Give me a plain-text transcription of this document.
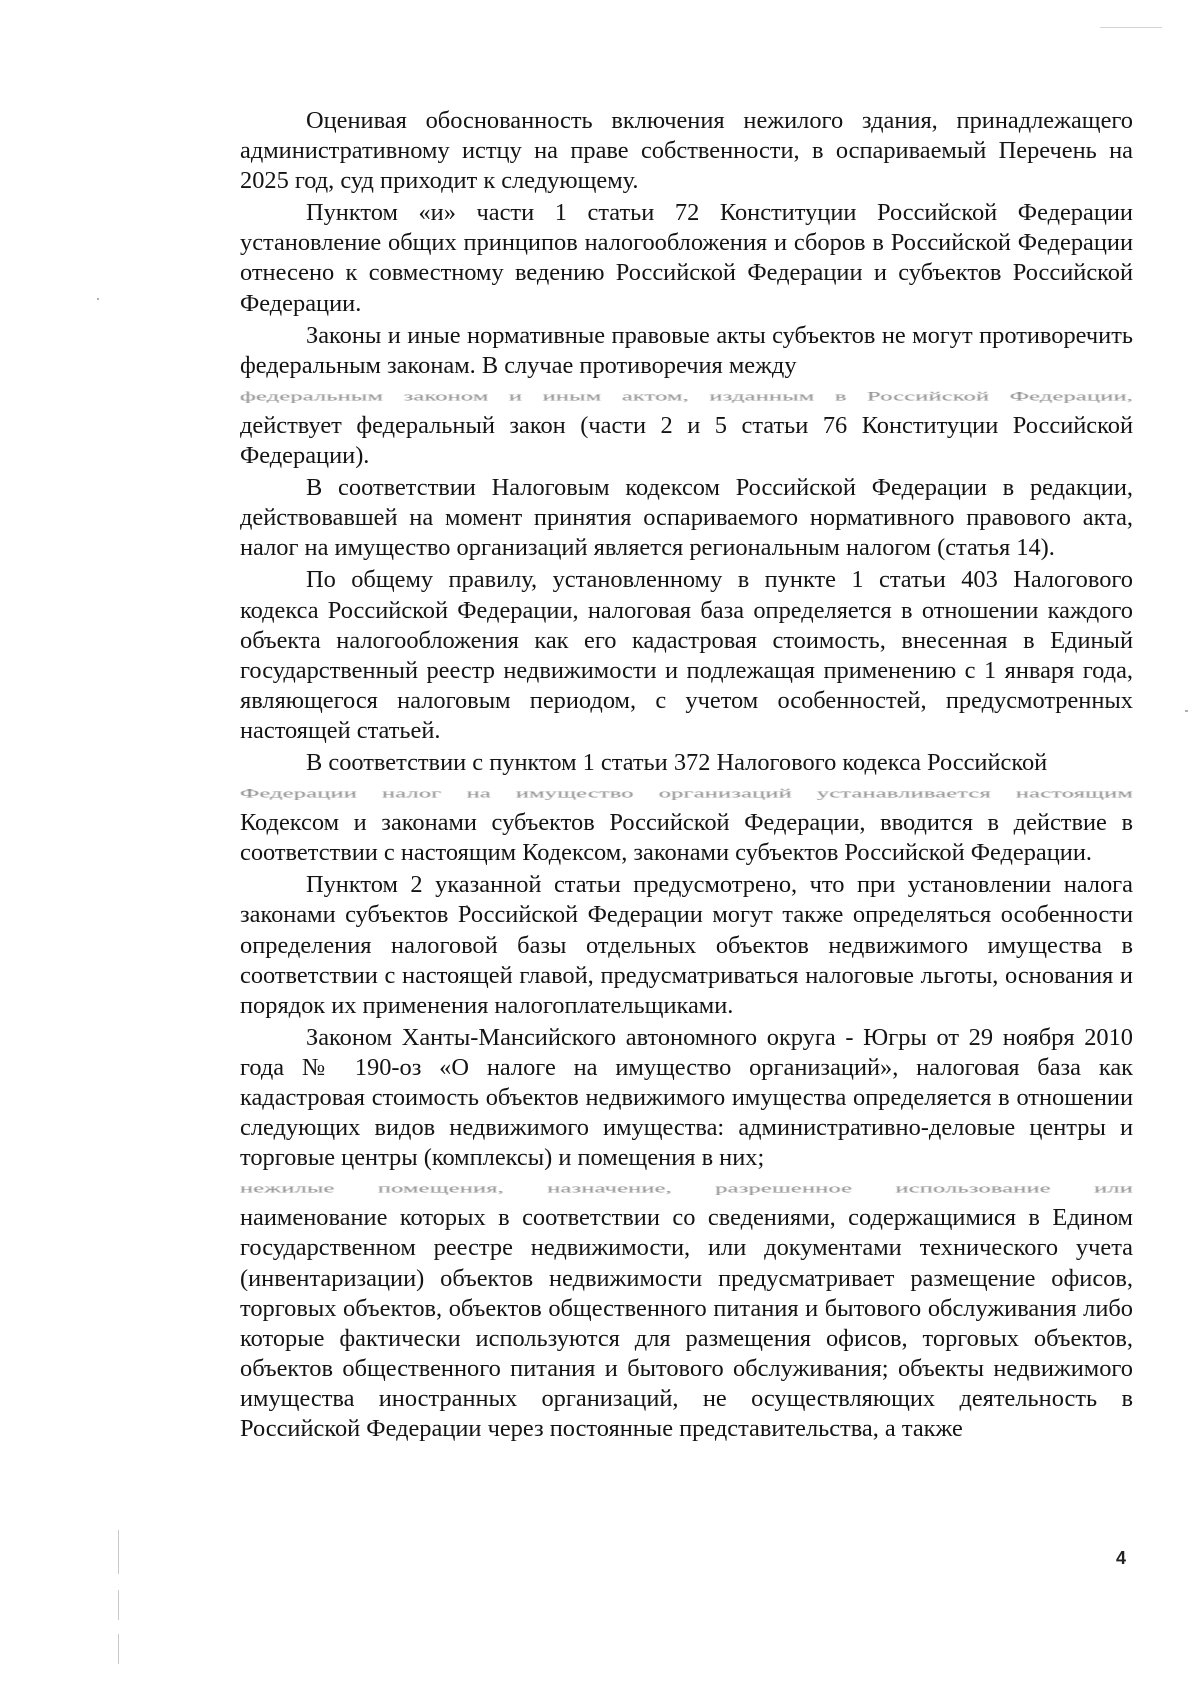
Оценивая обоснованность включения нежилого здания, принадлежащего административному истцу на праве собственности, в оспариваемый Перечень на 2025 год, суд приходит к следующему.

Пунктом «и» части 1 статьи 72 Конституции Российской Федерации установление общих принципов налогообложения и сборов в Российской Федерации отнесено к совместному ведению Российской Федерации и субъектов Российской Федерации.

Законы и иные нормативные правовые акты субъектов не могут противоречить федеральным законам. В случае противоречия между
федеральным законом и иным актом, изданным в Российской Федерации,
действует федеральный закон (части 2 и 5 статьи 76 Конституции Российской Федерации).

В соответствии Налоговым кодексом Российской Федерации в редакции, действовавшей на момент принятия оспариваемого нормативного правового акта, налог на имущество организаций является региональным налогом (статья 14).

По общему правилу, установленному в пункте 1 статьи 403 Налогового кодекса Российской Федерации, налоговая база определяется в отношении каждого объекта налогообложения как его кадастровая стоимость, внесенная в Единый государственный реестр недвижимости и подлежащая применению с 1 января года, являющегося налоговым периодом, с учетом особенностей, предусмотренных настоящей статьей.

В соответствии с пунктом 1 статьи 372 Налогового кодекса Российской
Федерации налог на имущество организаций устанавливается настоящим
Кодексом и законами субъектов Российской Федерации, вводится в действие в соответствии с настоящим Кодексом, законами субъектов Российской Федерации.

Пунктом 2 указанной статьи предусмотрено, что при установлении налога законами субъектов Российской Федерации могут также определяться особенности определения налоговой базы отдельных объектов недвижимого имущества в соответствии с настоящей главой, предусматриваться налоговые льготы, основания и порядок их применения налогоплательщиками.

Законом Ханты-Мансийского автономного округа - Югры от 29 ноября 2010 года № 190-оз «О налоге на имущество организаций», налоговая база как кадастровая стоимость объектов недвижимого имущества определяется в отношении следующих видов недвижимого имущества: административно-деловые центры и торговые центры (комплексы) и помещения в них;
нежилые помещения, назначение, разрешенное использование или
наименование которых в соответствии со сведениями, содержащимися в Едином государственном реестре недвижимости, или документами технического учета (инвентаризации) объектов недвижимости предусматривает размещение офисов, торговых объектов, объектов общественного питания и бытового обслуживания либо которые фактически используются для размещения офисов, торговых объектов, объектов общественного питания и бытового обслуживания; объекты недвижимого имущества иностранных организаций, не осуществляющих деятельность в Российской Федерации через постоянные представительства, а также

4
